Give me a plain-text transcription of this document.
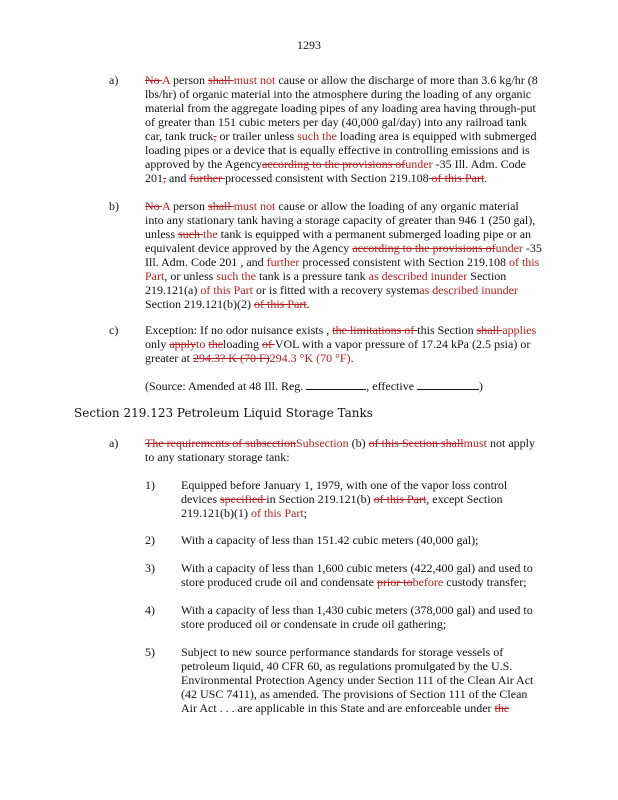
1293
a) No A person shall must not cause or allow the discharge of more than 3.6 kg/hr (8
lbs/hr) of organic material into the atmosphere during the loading of any organic
material from the aggregate loading pipes of any loading area having through-put
of greater than 151 cubic meters per day (40,000 gal/day) into any railroad tank
car, tank truck, or trailer unless such the loading area is equipped with submerged
loading pipes or a device that is equally effective in controlling emissions and is
approved by the Agencyaccording to the provisions ofunder -35 Ill. Adm. Code
201, and further processed consistent with Section 219.108 of this Part.
b) No A person shall must not cause or allow the loading of any organic material
into any stationary tank having a storage capacity of greater than 946 1 (250 gal),
unless such the tank is equipped with a permanent submerged loading pipe or an
equivalent device approved by the Agency according to the provisions ofunder -35
Ill. Adm. Code 201 , and further processed consistent with Section 219.108 of this
Part, or unless such the tank is a pressure tank as described inunder Section
219.121(a) of this Part or is fitted with a recovery systemas described inunder
Section 219.121(b)(2) of this Part.
c) Exception: If no odor nuisance exists , the limitations of this Section shall applies
only applyto theloading of VOL with a vapor pressure of 17.24 kPa (2.5 psia) or
greater at 294.3? K (70 F)294.3 °K (70 °F).
(Source: Amended at 48 Ill. Reg.	, effective	)
Section 219.123 Petroleum Liquid Storage Tanks
a) The requirements of subsectionSubsection (b) of this Section shallmust not apply
to any stationary storage tank:
1) Equipped before January 1, 1979, with one of the vapor loss control
devices specified in Section 219.121(b) of this Part, except Section
219.121(b)(1) of this Part;
2) With a capacity of less than 151.42 cubic meters (40,000 gal);
3) With a capacity of less than 1,600 cubic meters (422,400 gal) and used to
store produced crude oil and condensate prior tobefore custody transfer;
4) With a capacity of less than 1,430 cubic meters (378,000 gal) and used to
store produced oil or condensate in crude oil gathering;
5) Subject to new source performance standards for storage vessels of
petroleum liquid, 40 CFR 60, as regulations promulgated by the U.S.
Environmental Protection Agency under Section 111 of the Clean Air Act
(42 USC 7411), as amended. The provisions of Section 111 of the Clean
Air Act . . . are applicable in this State and are enforceable under the
